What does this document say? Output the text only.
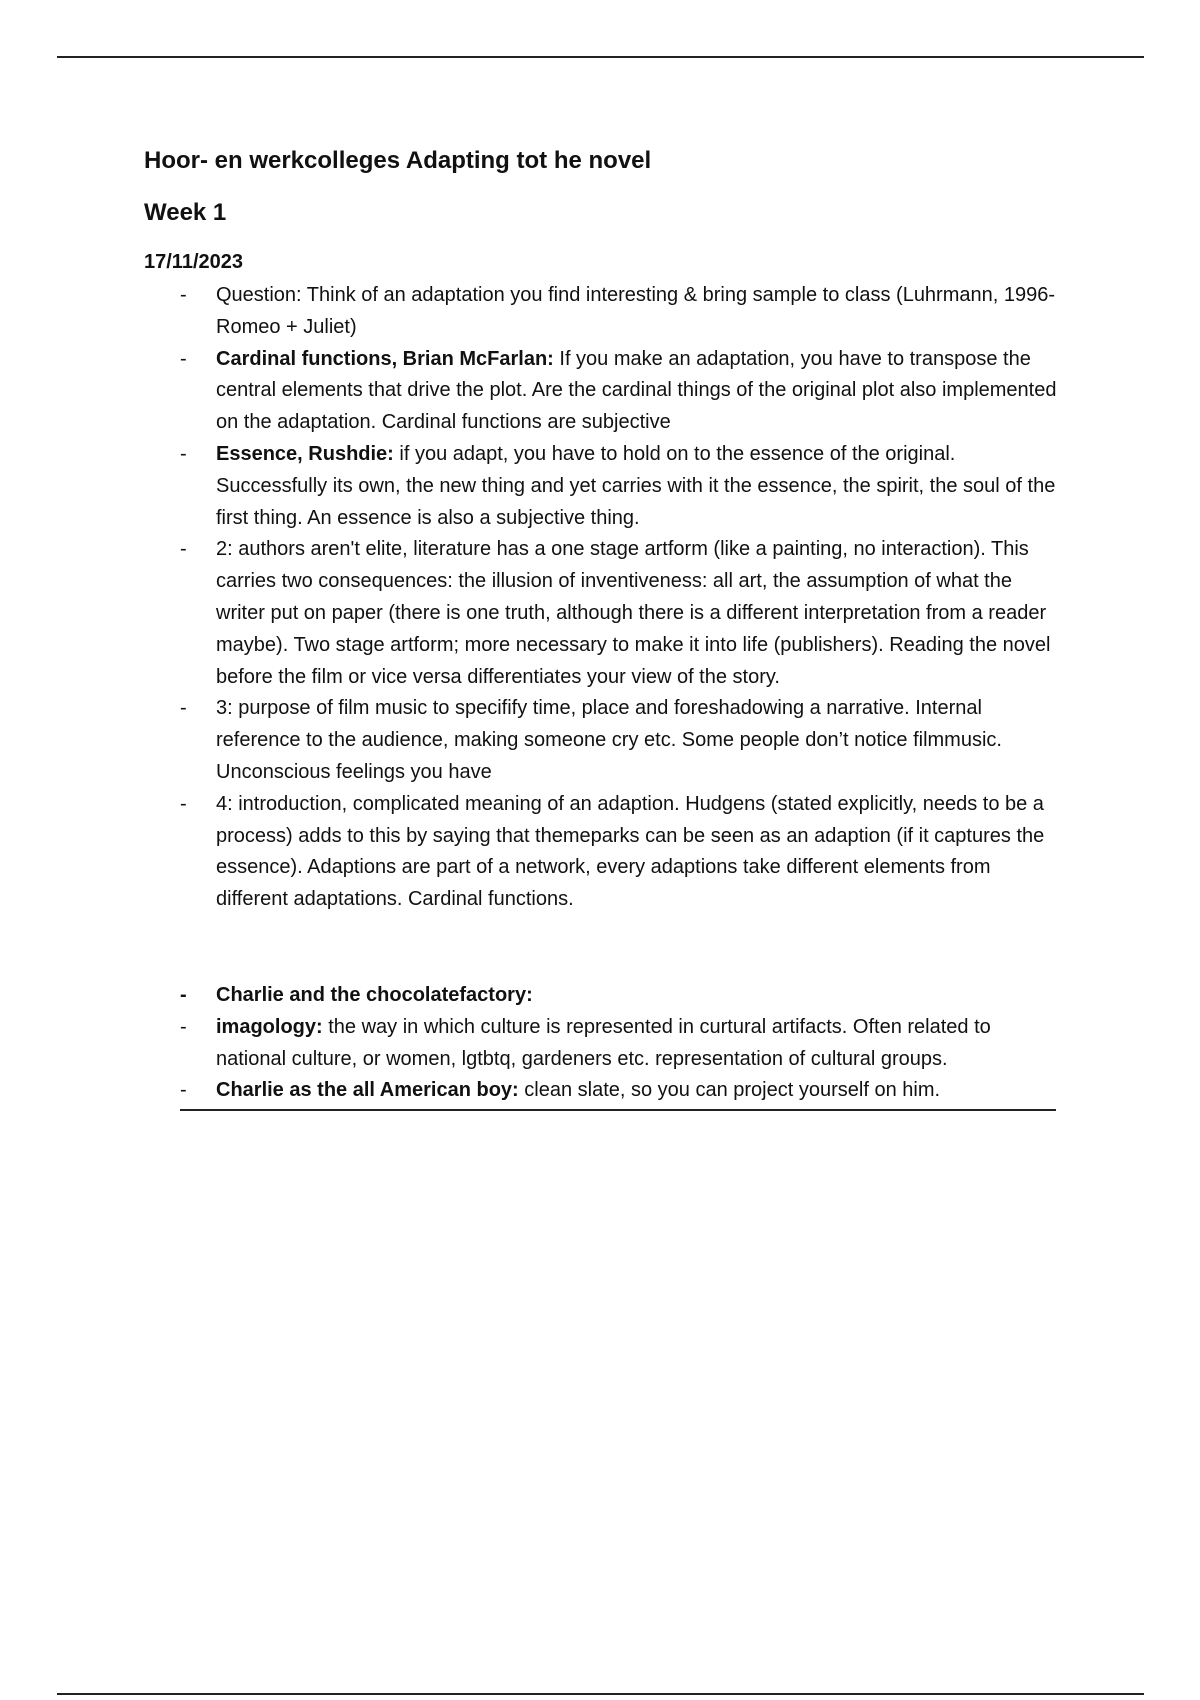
Hoor- en werkcolleges Adapting tot he novel
Week 1
17/11/2023
- Question: Think of an adaptation you find interesting & bring sample to class (Luhrmann, 1996- Romeo + Juliet)
- Cardinal functions, Brian McFarlan: If you make an adaptation, you have to transpose the central elements that drive the plot. Are the cardinal things of the original plot also implemented on the adaptation. Cardinal functions are subjective
- Essence, Rushdie: if you adapt, you have to hold on to the essence of the original. Successfully its own, the new thing and yet carries with it the essence, the spirit, the soul of the first thing. An essence is also a subjective thing.
- 2: authors aren't elite, literature has a one stage artform (like a painting, no interaction). This carries two consequences: the illusion of inventiveness: all art, the assumption of what the writer put on paper (there is one truth, although there is a different interpretation from a reader maybe). Two stage artform; more necessary to make it into life (publishers). Reading the novel before the film or vice versa differentiates your view of the story.
- 3: purpose of film music to specifify time, place and foreshadowing a narrative. Internal reference to the audience, making someone cry etc. Some people don’t notice filmmusic. Unconscious feelings you have
- 4: introduction, complicated meaning of an adaption. Hudgens (stated explicitly, needs to be a process) adds to this by saying that themeparks can be seen as an adaption (if it captures the essence). Adaptions are part of a network, every adaptions take different elements from different adaptations. Cardinal functions.
- Charlie and the chocolatefactory:
- imagology: the way in which culture is represented in curtural artifacts. Often related to national culture, or women, lgtbtq, gardeners etc. representation of cultural groups.
- Charlie as the all American boy: clean slate, so you can project yourself on him.
